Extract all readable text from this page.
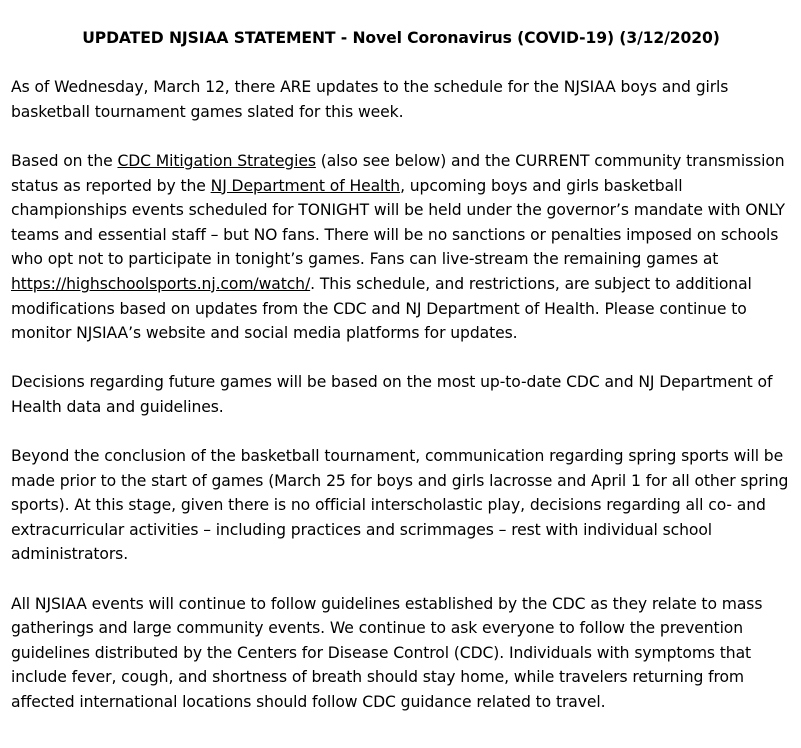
UPDATED NJSIAA STATEMENT - Novel Coronavirus (COVID-19) (3/12/2020)
As of Wednesday, March 12, there ARE updates to the schedule for the NJSIAA boys and girls basketball tournament games slated for this week.
Based on the CDC Mitigation Strategies (also see below) and the CURRENT community transmission status as reported by the NJ Department of Health, upcoming boys and girls basketball championships events scheduled for TONIGHT will be held under the governor’s mandate with ONLY teams and essential staff – but NO fans. There will be no sanctions or penalties imposed on schools who opt not to participate in tonight’s games. Fans can live-stream the remaining games at https://highschoolsports.nj.com/watch/. This schedule, and restrictions, are subject to additional modifications based on updates from the CDC and NJ Department of Health. Please continue to monitor NJSIAA’s website and social media platforms for updates.
Decisions regarding future games will be based on the most up-to-date CDC and NJ Department of Health data and guidelines.
Beyond the conclusion of the basketball tournament, communication regarding spring sports will be made prior to the start of games (March 25 for boys and girls lacrosse and April 1 for all other spring sports). At this stage, given there is no official interscholastic play, decisions regarding all co- and extracurricular activities – including practices and scrimmages – rest with individual school administrators.
All NJSIAA events will continue to follow guidelines established by the CDC as they relate to mass gatherings and large community events. We continue to ask everyone to follow the prevention guidelines distributed by the Centers for Disease Control (CDC). Individuals with symptoms that include fever, cough, and shortness of breath should stay home, while travelers returning from affected international locations should follow CDC guidance related to travel.
